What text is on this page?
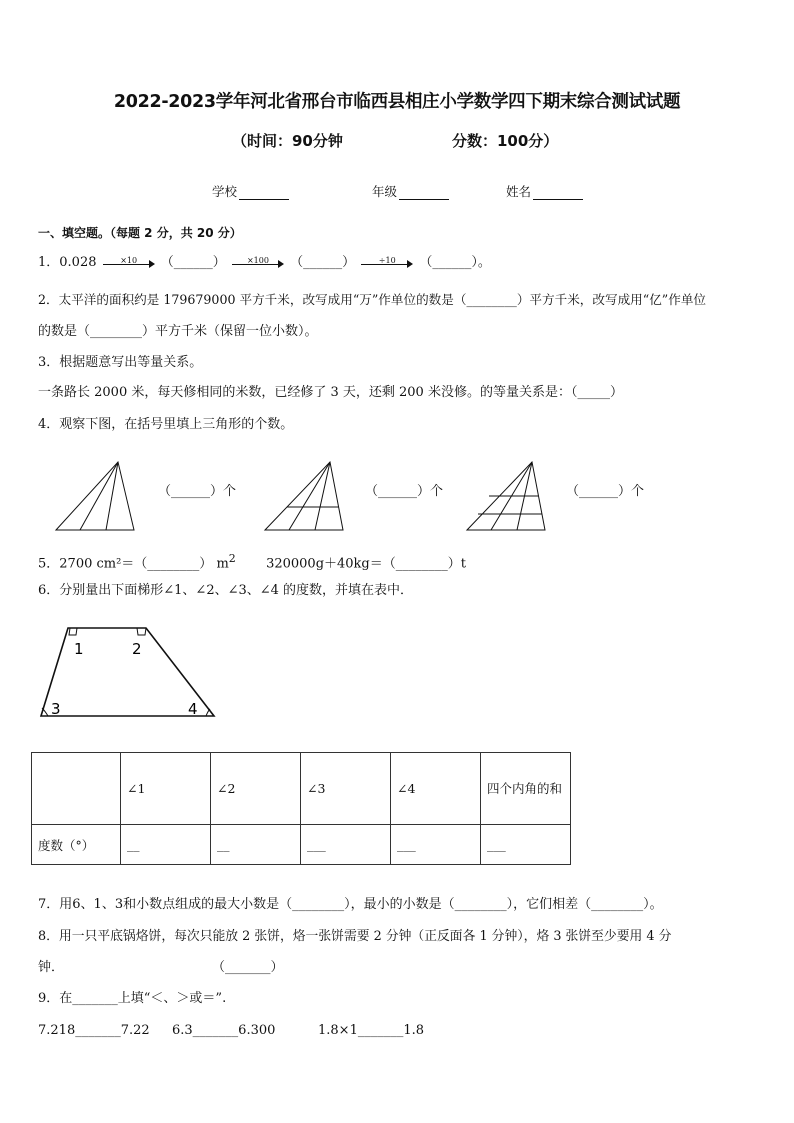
2022-2023学年河北省邢台市临西县相庄小学数学四下期末综合测试试题
（时间：90分钟	分数：100分）
学校	年级	姓名
一、填空题。（每题 2 分，共 20 分）
1．0.028	×10	（______）	×100	（______）	÷10	（______）。
2．太平洋的面积约是 179679000 平方千米，改写成用“万”作单位的数是（________）平方千米，改写成用“亿”作单位
的数是（________）平方千米（保留一位小数）。
3．根据题意写出等量关系。
一条路长 2000 米，每天修相同的米数，已经修了 3 天，还剩 200 米没修。的等量关系是：（_____）
4．观察下图，在括号里填上三角形的个数。
（______）个	（______）个	（______）个
5．2700 cm²＝（________） $m^2$ 320000g＋40kg＝（________）t
6．分别量出下面梯形∠1、∠2、∠3、∠4 的度数，并填在表中．
1	2
3	4
	∠1	∠2	∠3	∠4	四个内角的和
度数（°）	__	__	___	___	___
7．用6、1、3和小数点组成的最大小数是（________），最小的小数是（________），它们相差（________）。
8．用一只平底锅烙饼，每次只能放 2 张饼，烙一张饼需要 2 分钟（正反面各 1 分钟），烙 3 张饼至少要用 4 分
钟．	（_______）
9．在_______上填“＜、＞或＝”.
7.218_______7.22 6.3_______6.300	1.8×1_______1.8
